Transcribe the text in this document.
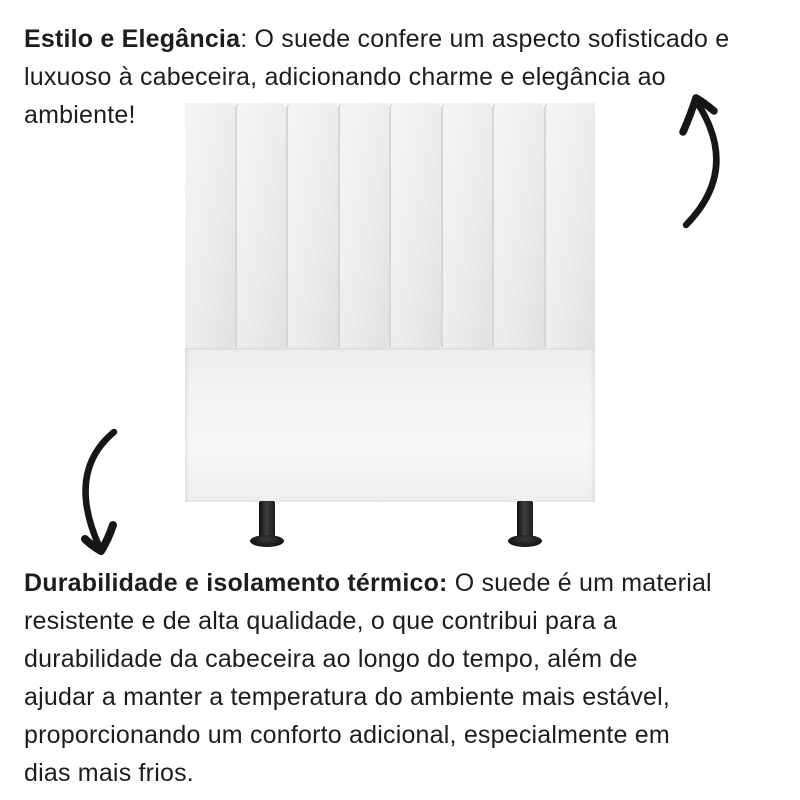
Estilo e Elegância: O suede confere um aspecto sofisticado e
luxuoso à cabeceira, adicionando charme e elegância ao
ambiente!
Durabilidade e isolamento térmico: O suede é um material
resistente e de alta qualidade, o que contribui para a
durabilidade da cabeceira ao longo do tempo, além de
ajudar a manter a temperatura do ambiente mais estável,
proporcionando um conforto adicional, especialmente em
dias mais frios.
